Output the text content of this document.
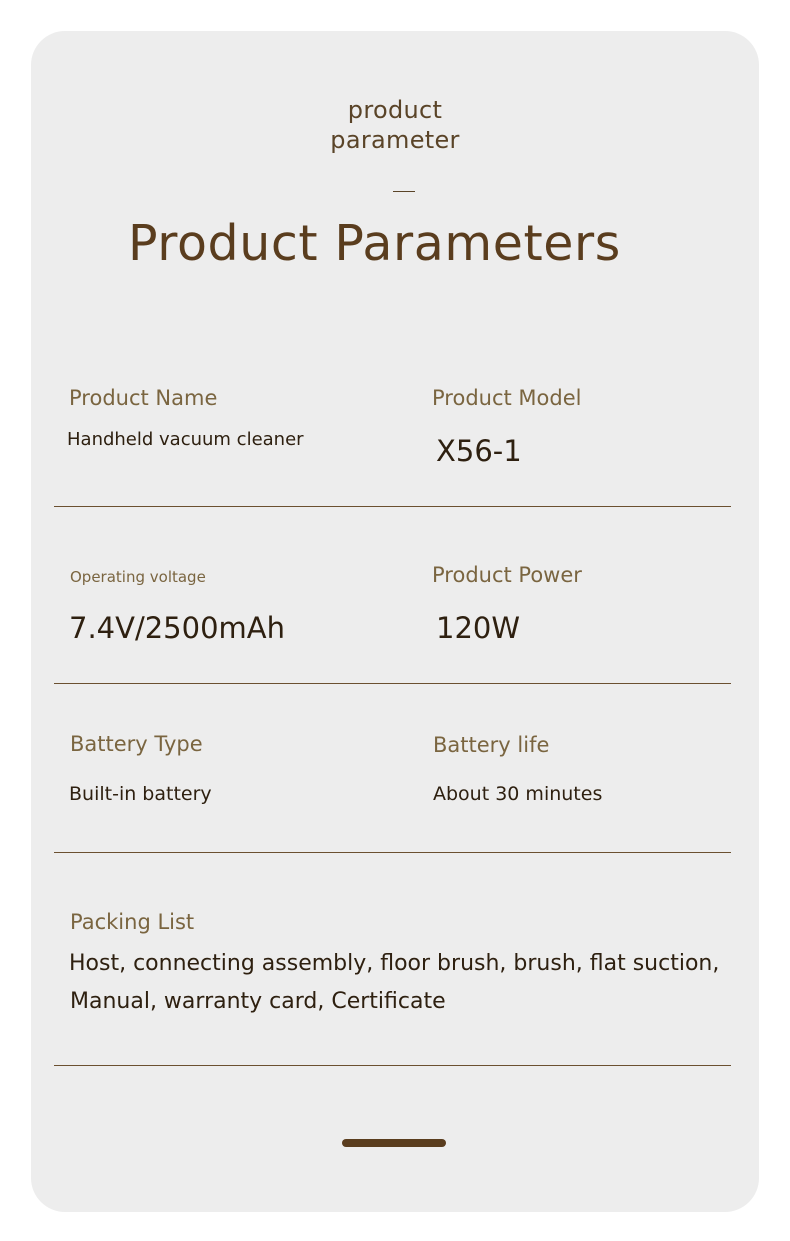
product
parameter
Product Parameters
Product Name
Handheld vacuum cleaner
Product Model
X56-1
Operating voltage
7.4V/2500mAh
Product Power
120W
Battery Type
Built-in battery
Battery life
About 30 minutes
Packing List
Host, connecting assembly, floor brush, brush, flat suction,
Manual, warranty card, Certificate
